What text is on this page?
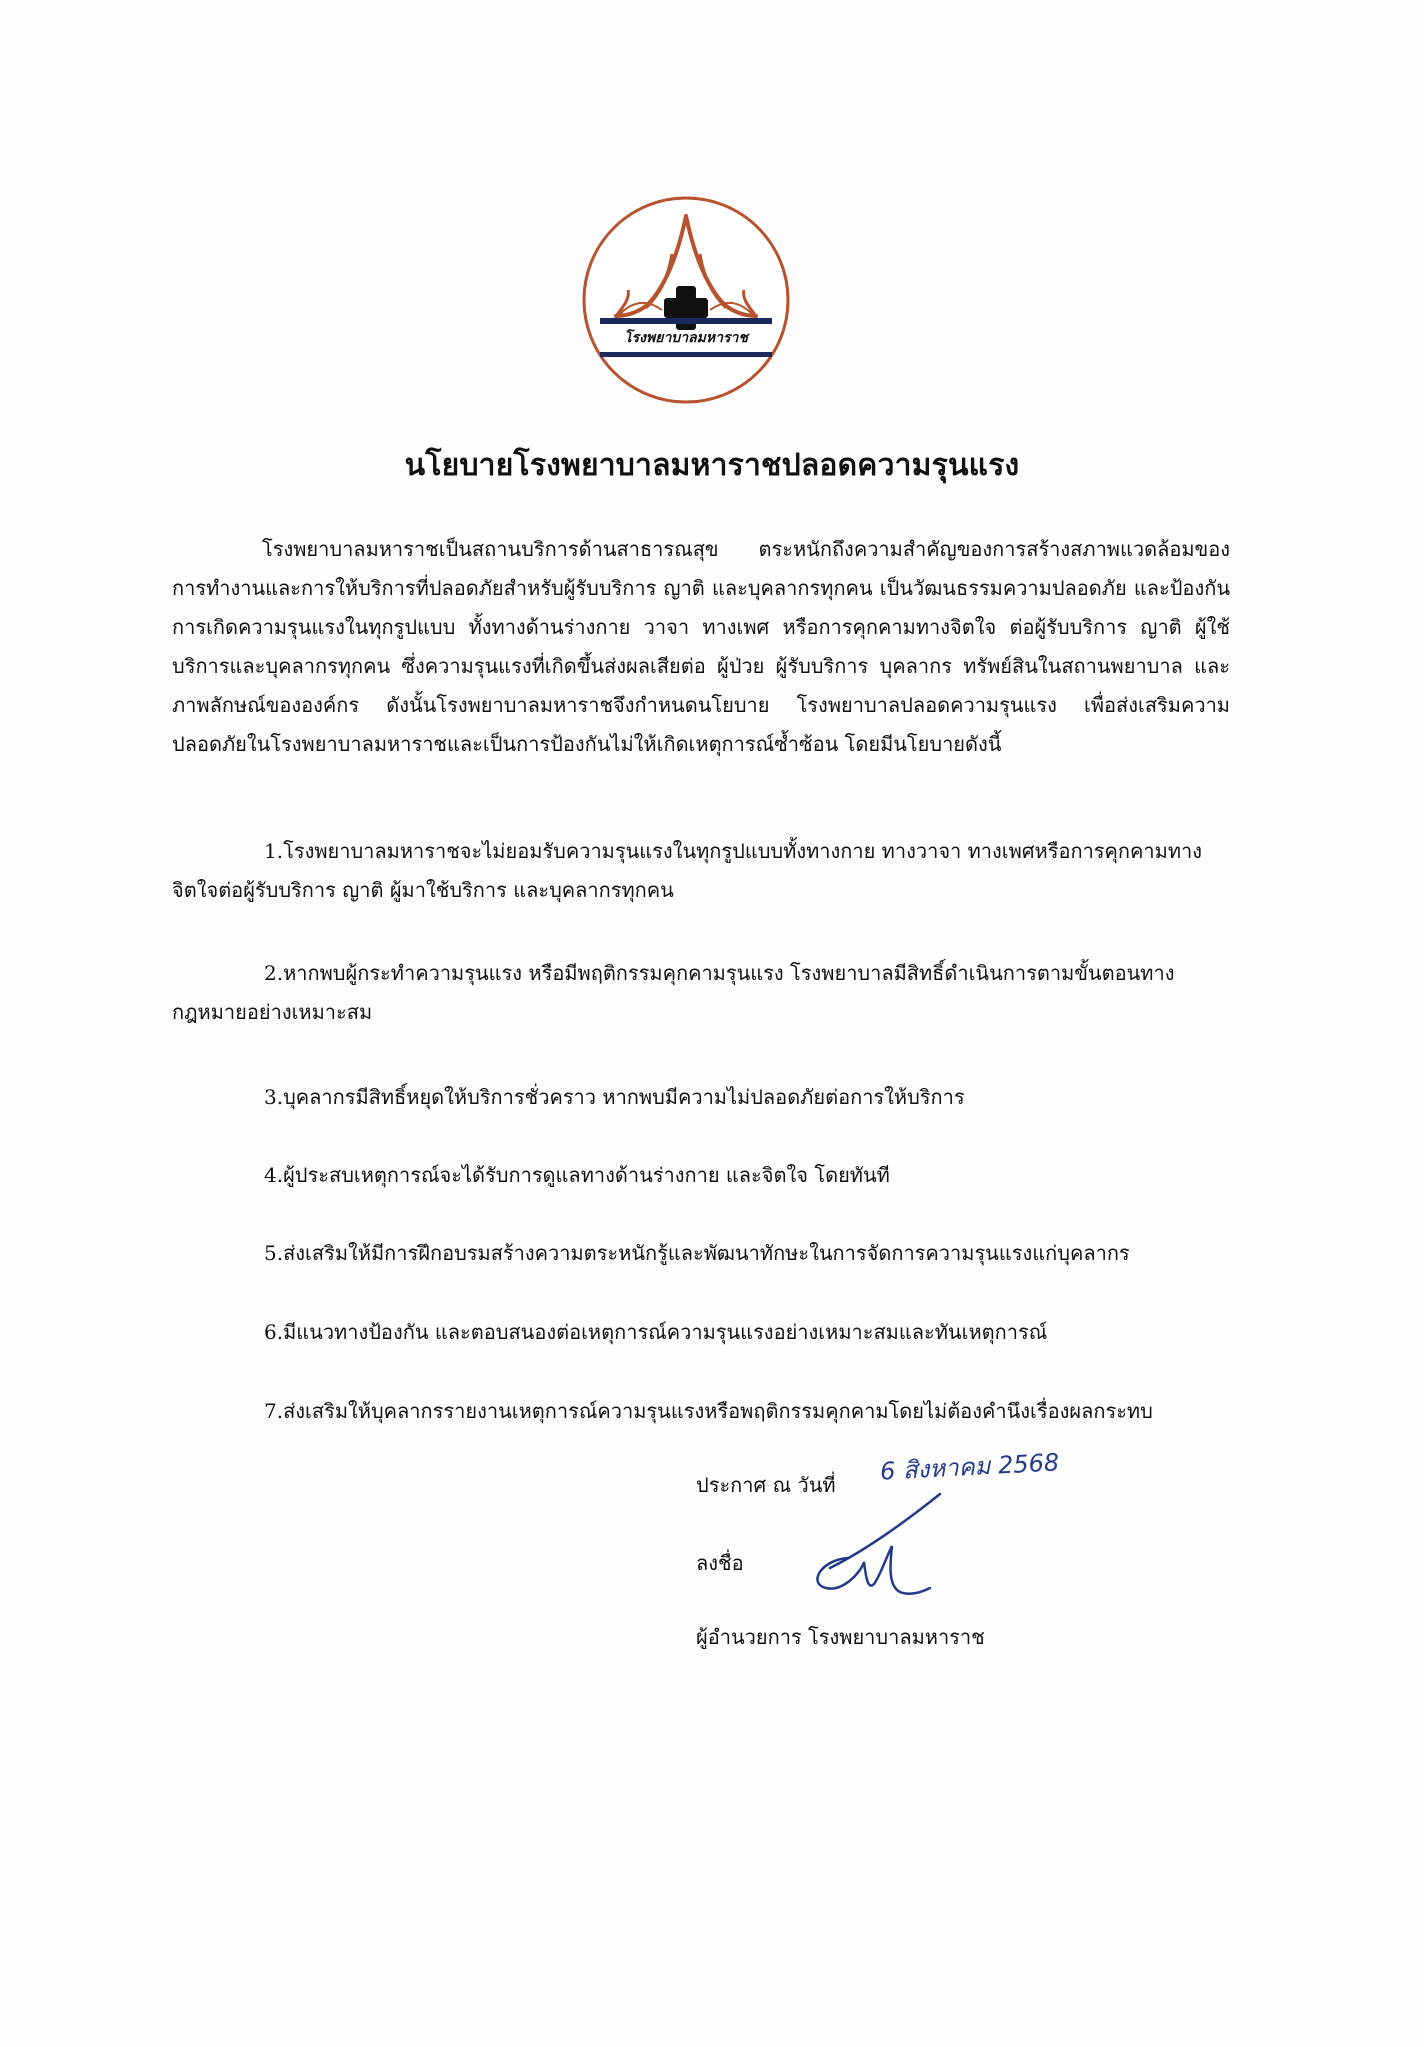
โรงพยาบาลมหาราช
นโยบายโรงพยาบาลมหาราชปลอดความรุนแรง
โรงพยาบาลมหาราชเป็นสถานบริการด้านสาธารณสุข ตระหนักถึงความสำคัญของการสร้างสภาพแวดล้อมของการทำงานและการให้บริการที่ปลอดภัยสำหรับผู้รับบริการ ญาติ และบุคลากรทุกคน เป็นวัฒนธรรมความปลอดภัย และป้องกันการเกิดความรุนแรงในทุกรูปแบบ ทั้งทางด้านร่างกาย วาจา ทางเพศ หรือการคุกคามทางจิตใจ ต่อผู้รับบริการ ญาติ ผู้ใช้บริการและบุคลากรทุกคน ซึ่งความรุนแรงที่เกิดขึ้นส่งผลเสียต่อ ผู้ป่วย ผู้รับบริการ บุคลากร ทรัพย์สินในสถานพยาบาล และภาพลักษณ์ขององค์กร ดังนั้นโรงพยาบาลมหาราชจึงกำหนดนโยบาย โรงพยาบาลปลอดความรุนแรง เพื่อส่งเสริมความปลอดภัยในโรงพยาบาลมหาราชและเป็นการป้องกันไม่ให้เกิดเหตุการณ์ซ้ำซ้อน โดยมีนโยบายดังนี้
1.โรงพยาบาลมหาราชจะไม่ยอมรับความรุนแรงในทุกรูปแบบทั้งทางกาย ทางวาจา ทางเพศหรือการคุกคามทางจิตใจต่อผู้รับบริการ ญาติ ผู้มาใช้บริการ และบุคลากรทุกคน
2.หากพบผู้กระทำความรุนแรง หรือมีพฤติกรรมคุกคามรุนแรง โรงพยาบาลมีสิทธิ์ดำเนินการตามขั้นตอนทางกฎหมายอย่างเหมาะสม
3.บุคลากรมีสิทธิ์หยุดให้บริการชั่วคราว หากพบมีความไม่ปลอดภัยต่อการให้บริการ
4.ผู้ประสบเหตุการณ์จะได้รับการดูแลทางด้านร่างกาย และจิตใจ โดยทันที
5.ส่งเสริมให้มีการฝึกอบรมสร้างความตระหนักรู้และพัฒนาทักษะในการจัดการความรุนแรงแก่บุคลากร
6.มีแนวทางป้องกัน และตอบสนองต่อเหตุการณ์ความรุนแรงอย่างเหมาะสมและทันเหตุการณ์
7.ส่งเสริมให้บุคลากรรายงานเหตุการณ์ความรุนแรงหรือพฤติกรรมคุกคามโดยไม่ต้องคำนึงเรื่องผลกระทบ
ประกาศ ณ วันที่ 6 สิงหาคม 2568
ลงชื่อ
ผู้อำนวยการ โรงพยาบาลมหาราช
